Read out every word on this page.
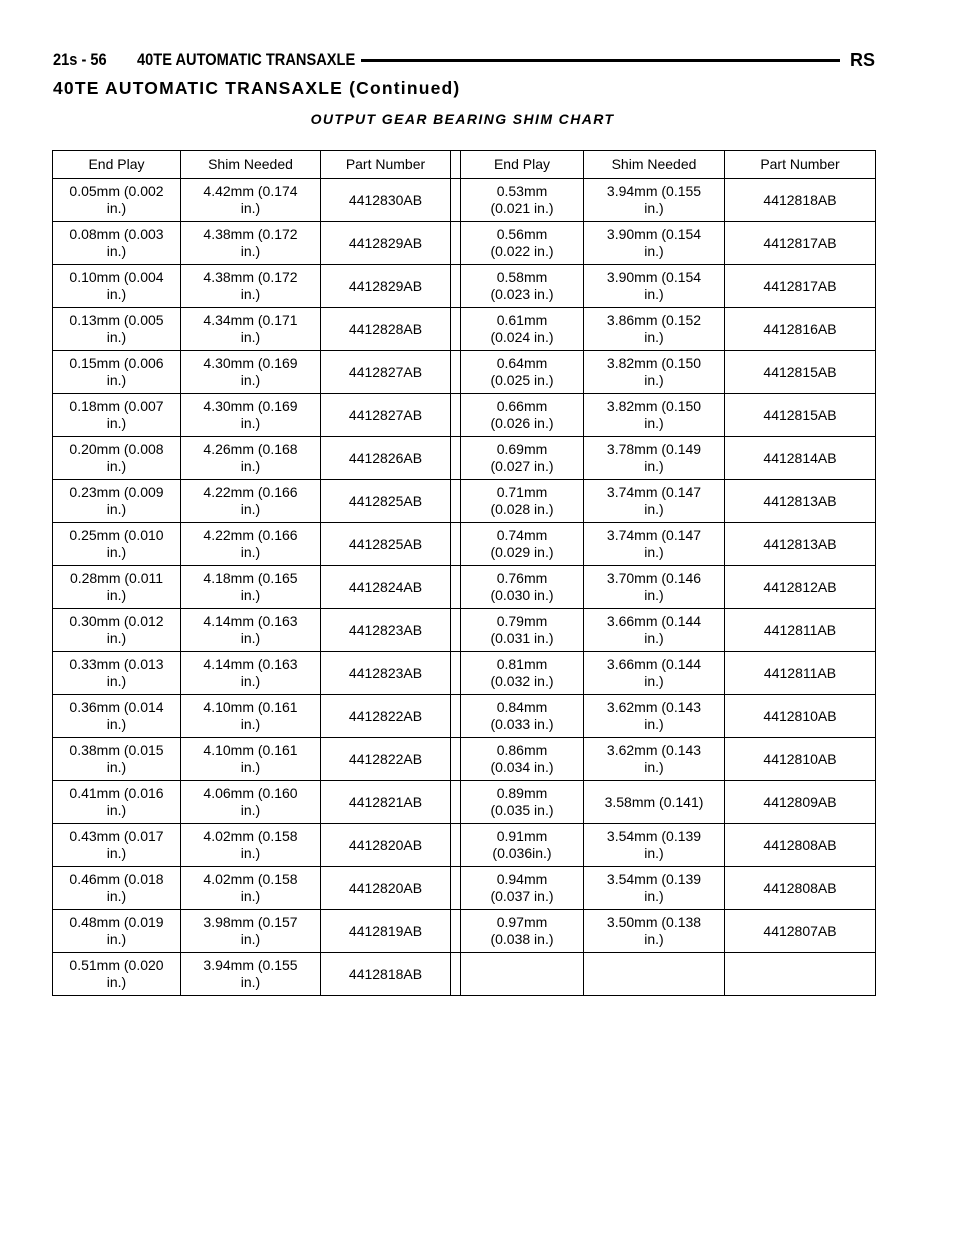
21s - 56 40TE AUTOMATIC TRANSAXLE	RS
40TE AUTOMATIC TRANSAXLE (Continued)
OUTPUT GEAR BEARING SHIM CHART
End Play	Shim Needed	Part Number		End Play	Shim Needed	Part Number

0.05mm (0.002
in.)	4.42mm (0.174
in.)	4412830AB		0.53mm
(0.021 in.)	3.94mm (0.155
in.)	4412818AB

0.08mm (0.003
in.)	4.38mm (0.172
in.)	4412829AB		0.56mm
(0.022 in.)	3.90mm (0.154
in.)	4412817AB

0.10mm (0.004
in.)	4.38mm (0.172
in.)	4412829AB		0.58mm
(0.023 in.)	3.90mm (0.154
in.)	4412817AB

0.13mm (0.005
in.)	4.34mm (0.171
in.)	4412828AB		0.61mm
(0.024 in.)	3.86mm (0.152
in.)	4412816AB

0.15mm (0.006
in.)	4.30mm (0.169
in.)	4412827AB		0.64mm
(0.025 in.)	3.82mm (0.150
in.)	4412815AB

0.18mm (0.007
in.)	4.30mm (0.169
in.)	4412827AB		0.66mm
(0.026 in.)	3.82mm (0.150
in.)	4412815AB

0.20mm (0.008
in.)	4.26mm (0.168
in.)	4412826AB		0.69mm
(0.027 in.)	3.78mm (0.149
in.)	4412814AB

0.23mm (0.009
in.)	4.22mm (0.166
in.)	4412825AB		0.71mm
(0.028 in.)	3.74mm (0.147
in.)	4412813AB

0.25mm (0.010
in.)	4.22mm (0.166
in.)	4412825AB		0.74mm
(0.029 in.)	3.74mm (0.147
in.)	4412813AB

0.28mm (0.011
in.)	4.18mm (0.165
in.)	4412824AB		0.76mm
(0.030 in.)	3.70mm (0.146
in.)	4412812AB

0.30mm (0.012
in.)	4.14mm (0.163
in.)	4412823AB		0.79mm
(0.031 in.)	3.66mm (0.144
in.)	4412811AB

0.33mm (0.013
in.)	4.14mm (0.163
in.)	4412823AB		0.81mm
(0.032 in.)	3.66mm (0.144
in.)	4412811AB

0.36mm (0.014
in.)	4.10mm (0.161
in.)	4412822AB		0.84mm
(0.033 in.)	3.62mm (0.143
in.)	4412810AB

0.38mm (0.015
in.)	4.10mm (0.161
in.)	4412822AB		0.86mm
(0.034 in.)	3.62mm (0.143
in.)	4412810AB

0.41mm (0.016
in.)	4.06mm (0.160
in.)	4412821AB		0.89mm
(0.035 in.)	3.58mm (0.141)	4412809AB

0.43mm (0.017
in.)	4.02mm (0.158
in.)	4412820AB		0.91mm
(0.036in.)	3.54mm (0.139
in.)	4412808AB

0.46mm (0.018
in.)	4.02mm (0.158
in.)	4412820AB		0.94mm
(0.037 in.)	3.54mm (0.139
in.)	4412808AB

0.48mm (0.019
in.)	3.98mm (0.157
in.)	4412819AB		0.97mm
(0.038 in.)	3.50mm (0.138
in.)	4412807AB

0.51mm (0.020
in.)	3.94mm (0.155
in.)	4412818AB				
